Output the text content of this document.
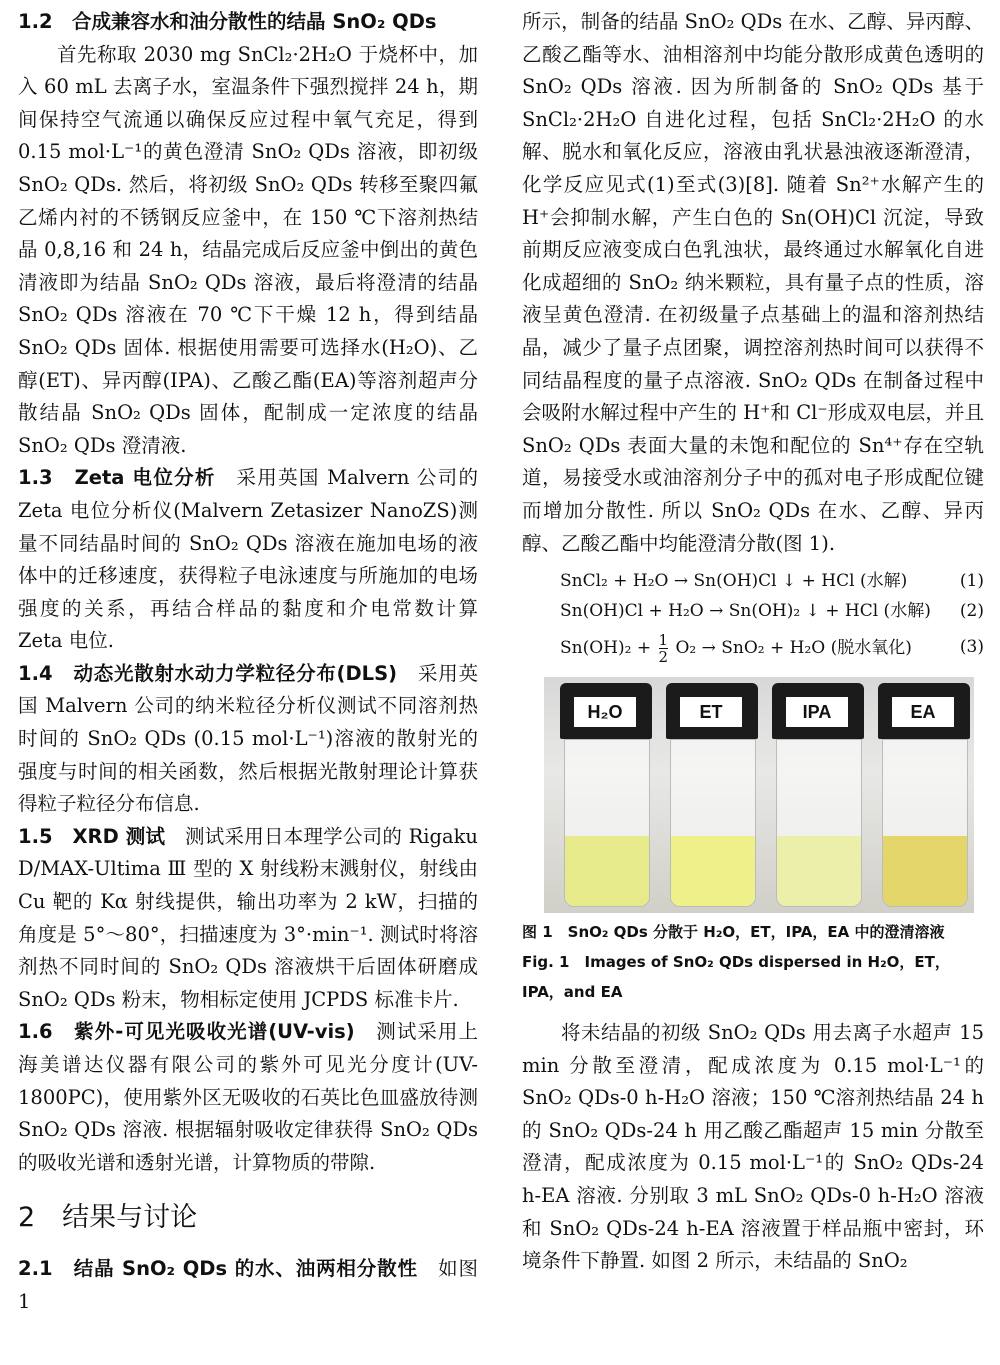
1.2　合成兼容水和油分散性的结晶 SnO₂ QDs

首先称取 2030 mg SnCl₂·2H₂O 于烧杯中，加入 60 mL 去离子水，室温条件下强烈搅拌 24 h，期间保持空气流通以确保反应过程中氧气充足，得到 0.15 mol·L⁻¹的黄色澄清 SnO₂ QDs 溶液，即初级 SnO₂ QDs. 然后，将初级 SnO₂ QDs 转移至聚四氟乙烯内衬的不锈钢反应釜中，在 150 ℃下溶剂热结晶 0,8,16 和 24 h，结晶完成后反应釜中倒出的黄色清液即为结晶 SnO₂ QDs 溶液，最后将澄清的结晶 SnO₂ QDs 溶液在 70 ℃下干燥 12 h，得到结晶 SnO₂ QDs 固体. 根据使用需要可选择水(H₂O)、乙醇(ET)、异丙醇(IPA)、乙酸乙酯(EA)等溶剂超声分散结晶 SnO₂ QDs 固体，配制成一定浓度的结晶 SnO₂ QDs 澄清液.

1.3　Zeta 电位分析　 采用英国 Malvern 公司的 Zeta 电位分析仪(Malvern Zetasizer NanoZS)测量不同结晶时间的 SnO₂ QDs 溶液在施加电场的液体中的迁移速度，获得粒子电泳速度与所施加的电场强度的关系，再结合样品的黏度和介电常数计算 Zeta 电位.

1.4　动态光散射水动力学粒径分布(DLS)　 采用英国 Malvern 公司的纳米粒径分析仪测试不同溶剂热时间的 SnO₂ QDs (0.15 mol·L⁻¹)溶液的散射光的强度与时间的相关函数，然后根据光散射理论计算获得粒子粒径分布信息.

1.5　XRD 测试　 测试采用日本理学公司的 Rigaku D/MAX-Ultima Ⅲ 型的 X 射线粉末溅射仪，射线由 Cu 靶的 Kα 射线提供，输出功率为 2 kW，扫描的角度是 5°～80°，扫描速度为 3°·min⁻¹. 测试时将溶剂热不同时间的 SnO₂ QDs 溶液烘干后固体研磨成 SnO₂ QDs 粉末，物相标定使用 JCPDS 标准卡片.

1.6　紫外-可见光吸收光谱(UV-vis)　 测试采用上海美谱达仪器有限公司的紫外可见光分度计(UV-1800PC)，使用紫外区无吸收的石英比色皿盛放待测 SnO₂ QDs 溶液. 根据辐射吸收定律获得 SnO₂ QDs 的吸收光谱和透射光谱，计算物质的带隙.

2　结果与讨论

2.1　结晶 SnO₂ QDs 的水、油两相分散性　 如图 1

所示，制备的结晶 SnO₂ QDs 在水、乙醇、异丙醇、乙酸乙酯等水、油相溶剂中均能分散形成黄色透明的 SnO₂ QDs 溶液. 因为所制备的 SnO₂ QDs 基于 SnCl₂·2H₂O 自进化过程，包括 SnCl₂·2H₂O 的水解、脱水和氧化反应，溶液由乳状悬浊液逐渐澄清，化学反应见式(1)至式(3)[8]. 随着 Sn²⁺水解产生的 H⁺会抑制水解，产生白色的 Sn(OH)Cl 沉淀，导致前期反应液变成白色乳浊状，最终通过水解氧化自进化成超细的 SnO₂ 纳米颗粒，具有量子点的性质，溶液呈黄色澄清. 在初级量子点基础上的温和溶剂热结晶，减少了量子点团聚，调控溶剂热时间可以获得不同结晶程度的量子点溶液. SnO₂ QDs 在制备过程中会吸附水解过程中产生的 H⁺和 Cl⁻形成双电层，并且 SnO₂ QDs 表面大量的未饱和配位的 Sn⁴⁺存在空轨道，易接受水或油溶剂分子中的孤对电子形成配位键而增加分散性. 所以 SnO₂ QDs 在水、乙醇、异丙醇、乙酸乙酯中均能澄清分散(图 1).

SnCl₂ + H₂O → Sn(OH)Cl ↓ + HCl (水解)	(1)
Sn(OH)Cl + H₂O → Sn(OH)₂ ↓ + HCl (水解) (2)
$Sn(OH)_2 + \frac{1}{2} O_2 \to SnO_2 + H_2O$ (脱水氧化)	(3)
H₂O	ET	IPA	EA

图 1　SnO₂ QDs 分散于 H₂O，ET，IPA，EA 中的澄清溶液

Fig. 1　Images of SnO₂ QDs dispersed in H₂O，ET，IPA，and EA

将未结晶的初级 SnO₂ QDs 用去离子水超声 15 min 分散至澄清，配成浓度为 0.15 mol·L⁻¹的 SnO₂ QDs-0 h-H₂O 溶液；150 ℃溶剂热结晶 24 h 的 SnO₂ QDs-24 h 用乙酸乙酯超声 15 min 分散至澄清，配成浓度为 0.15 mol·L⁻¹的 SnO₂ QDs-24 h-EA 溶液. 分别取 3 mL SnO₂ QDs-0 h-H₂O 溶液和 SnO₂ QDs-24 h-EA 溶液置于样品瓶中密封，环境条件下静置. 如图 2 所示，未结晶的 SnO₂
